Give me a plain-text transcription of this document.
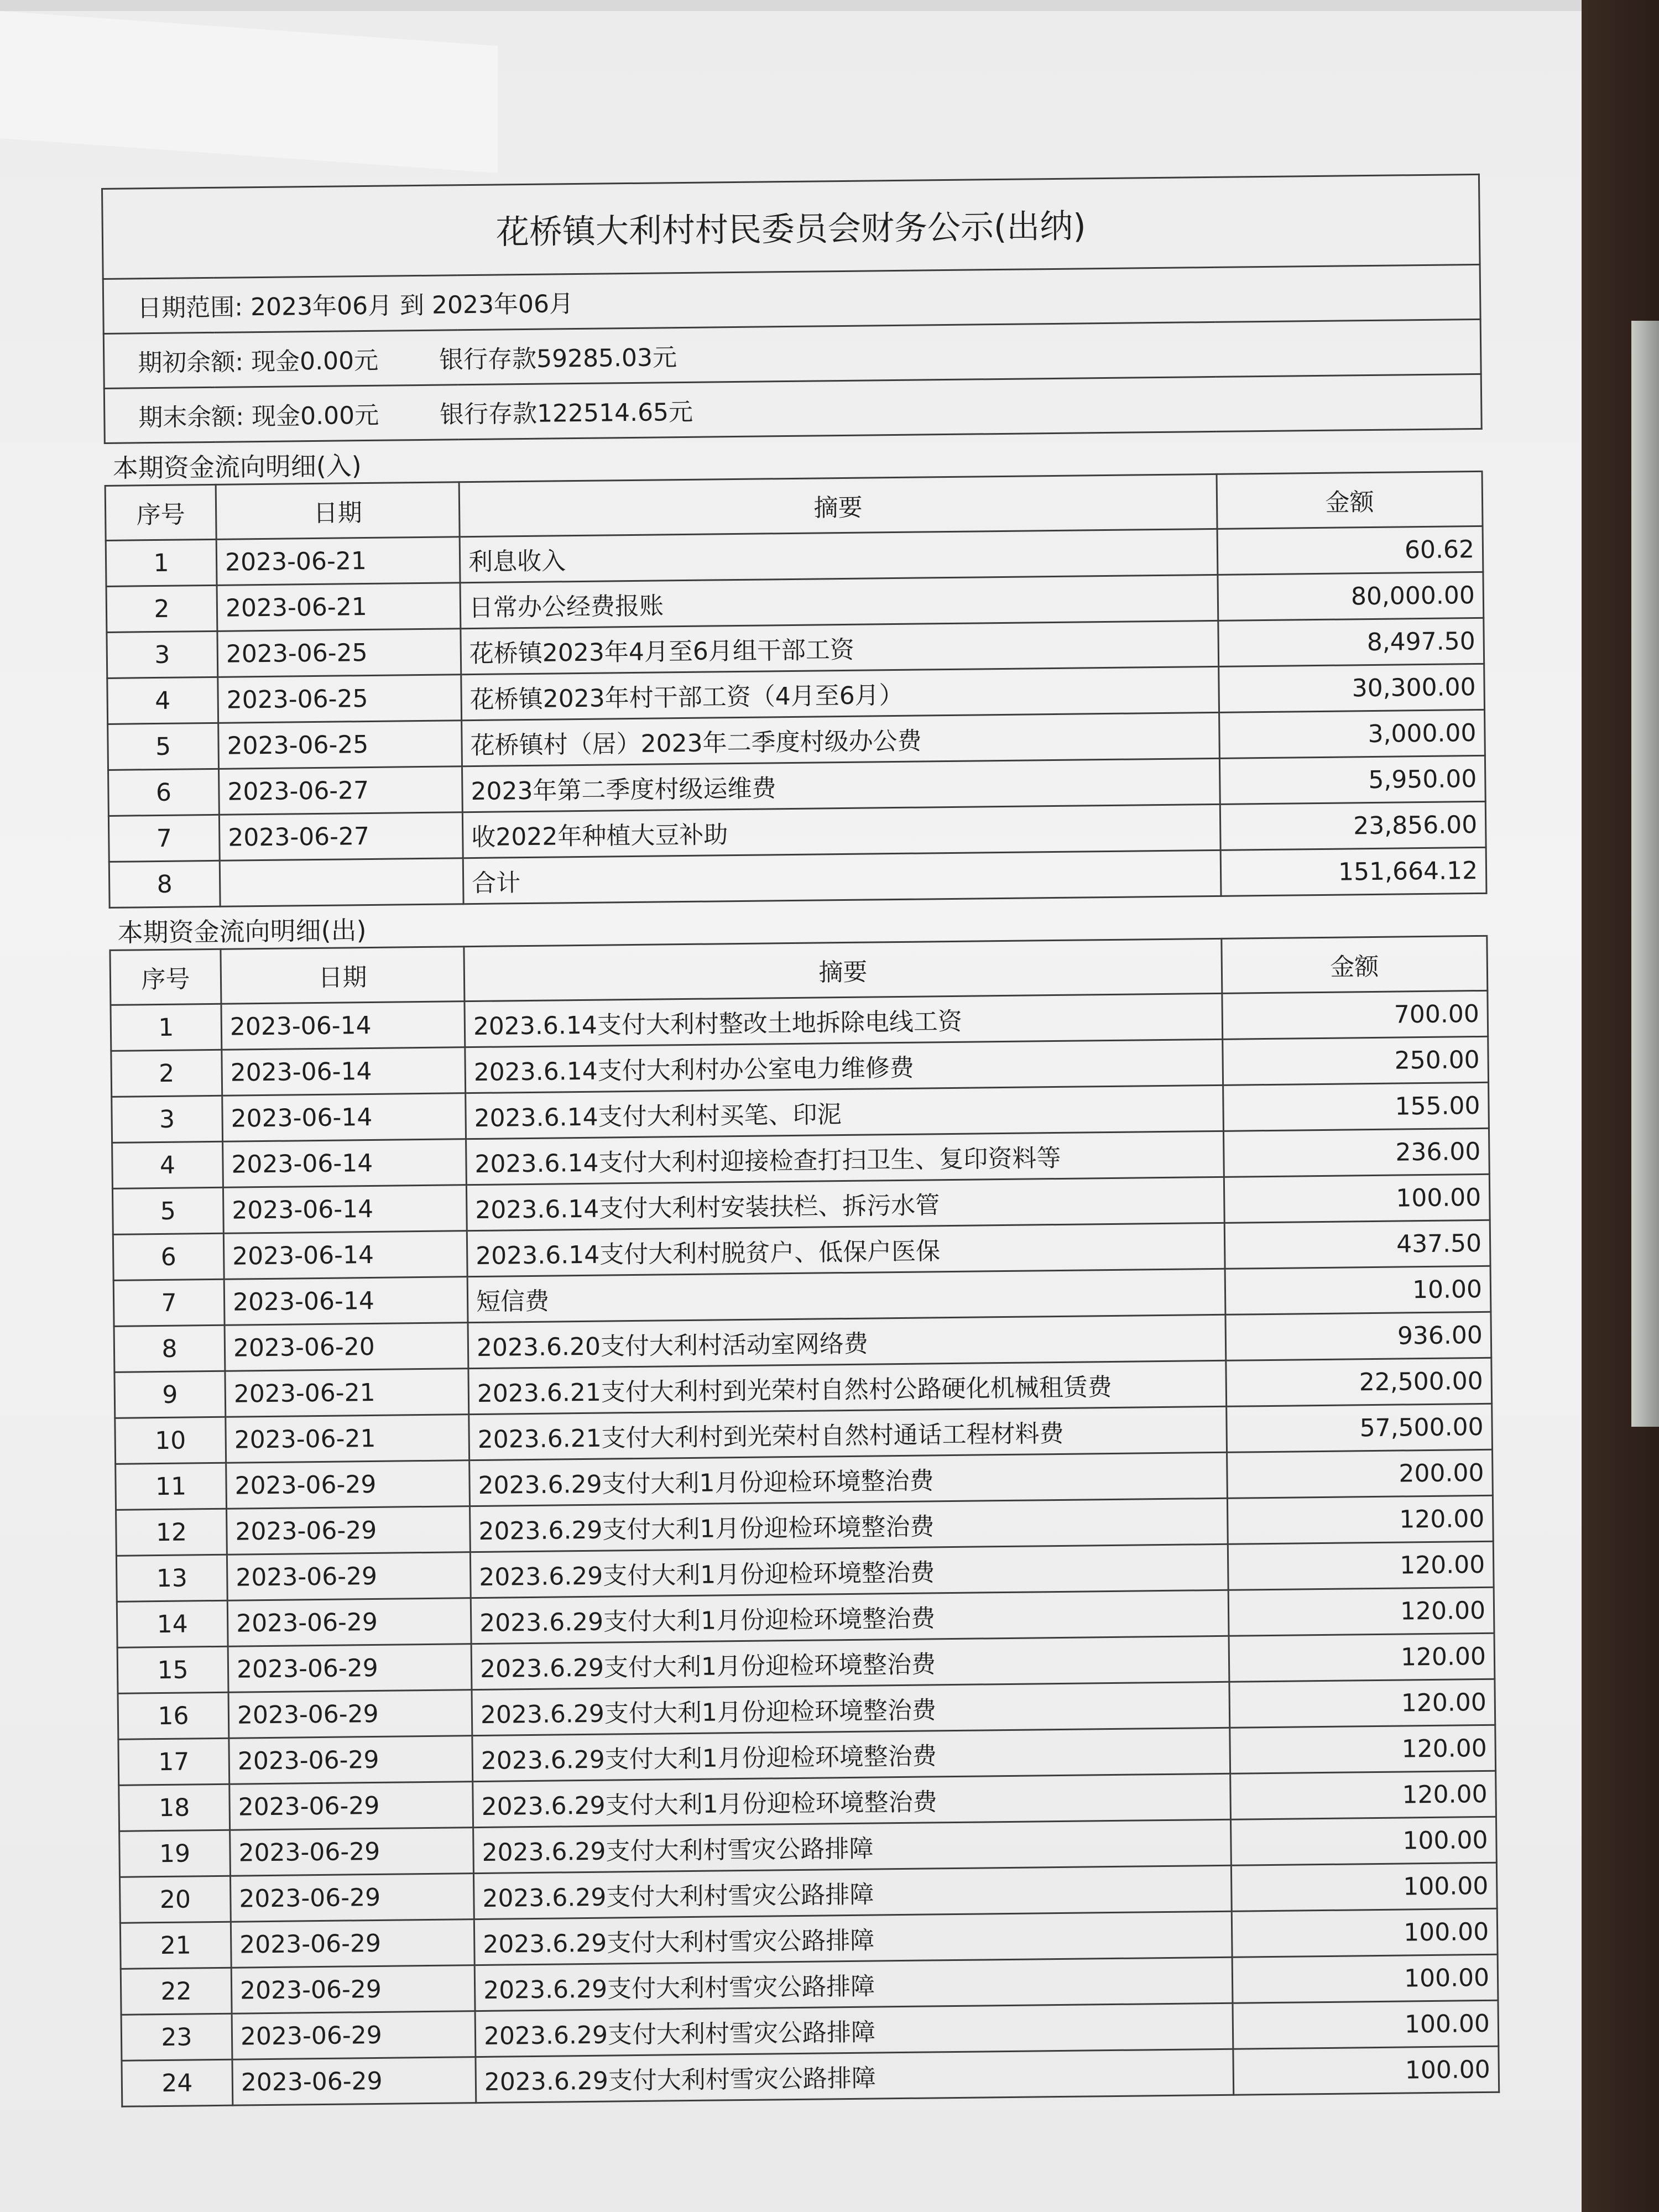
花桥镇大利村村民委员会财务公示(出纳)			
日期范围: 2023年06月 到 2023年06月			
期初余额: 现金0.00元 银行存款59285.03元			
期末余额: 现金0.00元 银行存款122514.65元			
本期资金流向明细(入)			
序号	日期	摘要	金额
1	2023-06-21	利息收入	60.62
2	2023-06-21	日常办公经费报账	80,000.00
3	2023-06-25	花桥镇2023年4月至6月组干部工资	8,497.50
4	2023-06-25	花桥镇2023年村干部工资（4月至6月）	30,300.00
5	2023-06-25	花桥镇村（居）2023年二季度村级办公费	3,000.00
6	2023-06-27	2023年第二季度村级运维费	5,950.00
7	2023-06-27	收2022年种植大豆补助	23,856.00
8		合计	151,664.12
本期资金流向明细(出)			
序号	日期	摘要	金额
1	2023-06-14	2023.6.14支付大利村整改土地拆除电线工资	700.00
2	2023-06-14	2023.6.14支付大利村办公室电力维修费	250.00
3	2023-06-14	2023.6.14支付大利村买笔、印泥	155.00
4	2023-06-14	2023.6.14支付大利村迎接检查打扫卫生、复印资料等	236.00
5	2023-06-14	2023.6.14支付大利村安装扶栏、拆污水管	100.00
6	2023-06-14	2023.6.14支付大利村脱贫户、低保户医保	437.50
7	2023-06-14	短信费	10.00
8	2023-06-20	2023.6.20支付大利村活动室网络费	936.00
9	2023-06-21	2023.6.21支付大利村到光荣村自然村公路硬化机械租赁费	22,500.00
10	2023-06-21	2023.6.21支付大利村到光荣村自然村通话工程材料费	57,500.00
11	2023-06-29	2023.6.29支付大利1月份迎检环境整治费	200.00
12	2023-06-29	2023.6.29支付大利1月份迎检环境整治费	120.00
13	2023-06-29	2023.6.29支付大利1月份迎检环境整治费	120.00
14	2023-06-29	2023.6.29支付大利1月份迎检环境整治费	120.00
15	2023-06-29	2023.6.29支付大利1月份迎检环境整治费	120.00
16	2023-06-29	2023.6.29支付大利1月份迎检环境整治费	120.00
17	2023-06-29	2023.6.29支付大利1月份迎检环境整治费	120.00
18	2023-06-29	2023.6.29支付大利1月份迎检环境整治费	120.00
19	2023-06-29	2023.6.29支付大利村雪灾公路排障	100.00
20	2023-06-29	2023.6.29支付大利村雪灾公路排障	100.00
21	2023-06-29	2023.6.29支付大利村雪灾公路排障	100.00
22	2023-06-29	2023.6.29支付大利村雪灾公路排障	100.00
23	2023-06-29	2023.6.29支付大利村雪灾公路排障	100.00
24	2023-06-29	2023.6.29支付大利村雪灾公路排障	100.00
